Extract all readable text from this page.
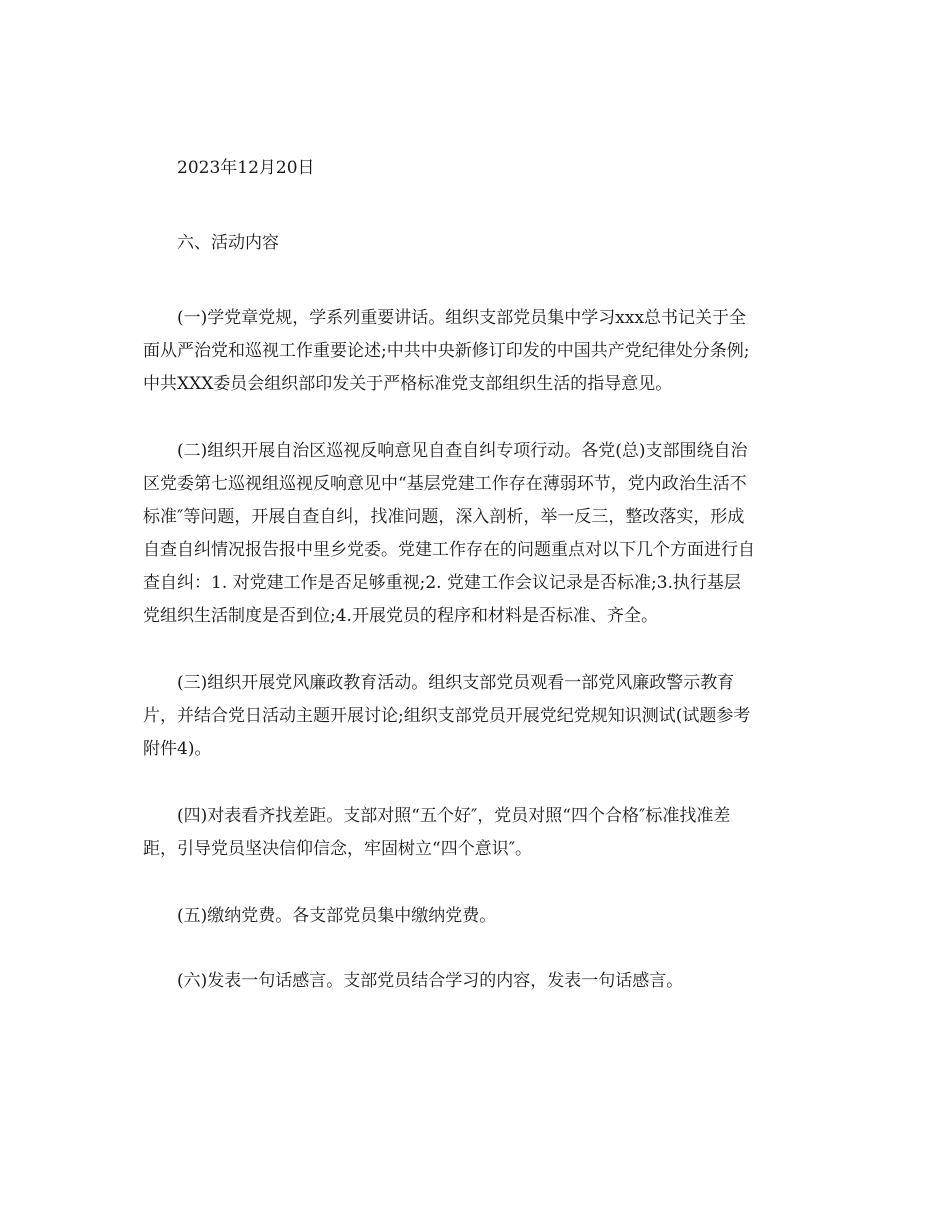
2023年12月20日
六、活动内容
(一)学党章党规，学系列重要讲话。组织支部党员集中学习xxx总书记关于全
面从严治党和巡视工作重要论述;中共中央新修订印发的中国共产党纪律处分条例;
中共XXX委员会组织部印发关于严格标准党支部组织生活的指导意见。
(二)组织开展自治区巡视反响意见自查自纠专项行动。各党(总)支部围绕自治
区党委第七巡视组巡视反响意见中“基层党建工作存在薄弱环节，党内政治生活不
标准″等问题，开展自查自纠，找准问题，深入剖析，举一反三，整改落实，形成
自查自纠情况报告报中里乡党委。党建工作存在的问题重点对以下几个方面进行自
查自纠：1. 对党建工作是否足够重视;2. 党建工作会议记录是否标准;3.执行基层
党组织生活制度是否到位;4.开展党员的程序和材料是否标准、齐全。
(三)组织开展党风廉政教育活动。组织支部党员观看一部党风廉政警示教育
片，并结合党日活动主题开展讨论;组织支部党员开展党纪党规知识测试(试题参考
附件4)。
(四)对表看齐找差距。支部对照“五个好″，党员对照“四个合格″标准找准差
距，引导党员坚决信仰信念，牢固树立“四个意识″。
(五)缴纳党费。各支部党员集中缴纳党费。
(六)发表一句话感言。支部党员结合学习的内容，发表一句话感言。
